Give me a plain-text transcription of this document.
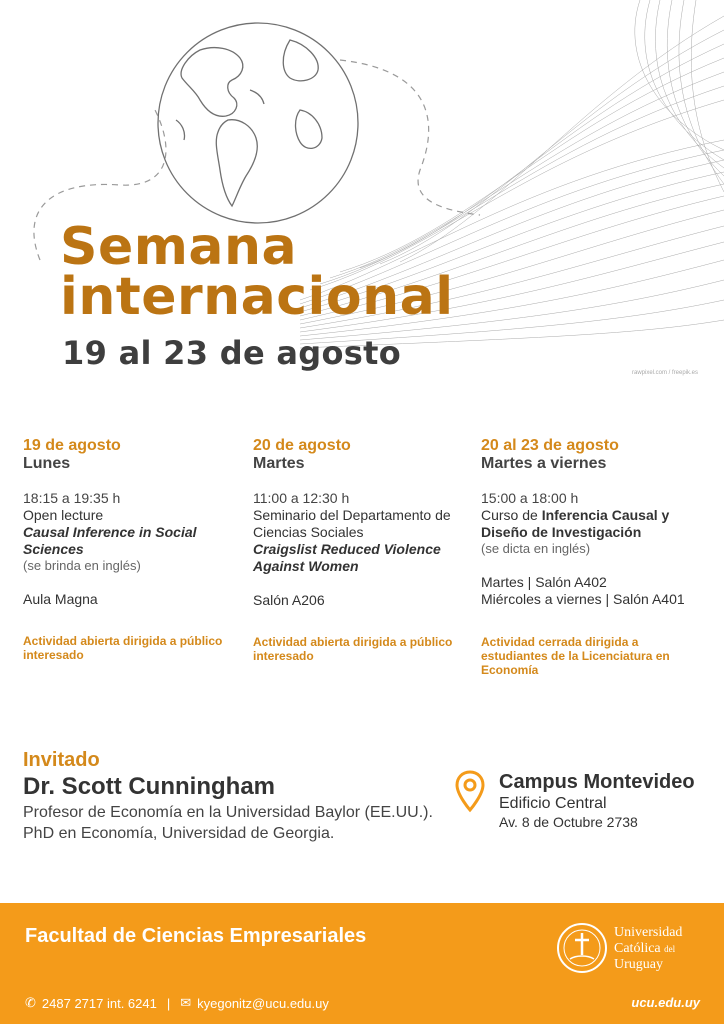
rawpixel.com / freepik.es
Semana
internacional
19 al 23 de agosto
19 de agosto
Lunes
18:15 a 19:35 h
Open lecture
Causal Inference in Social Sciences
(se brinda en inglés)
Aula Magna
Actividad abierta dirigida a público interesado
20 de agosto
Martes
11:00 a 12:30 h
Seminario del Departamento de Ciencias Sociales
Craigslist Reduced Violence Against Women
Salón A206
Actividad abierta dirigida a público interesado
20 al 23 de agosto
Martes a viernes
15:00 a 18:00 h
Curso de Inferencia Causal y Diseño de Investigación
(se dicta en inglés)
Martes | Salón A402
Miércoles a viernes | Salón A401
Actividad cerrada dirigida a estudiantes de la Licenciatura en Economía
Invitado
Dr. Scott Cunningham
Profesor de Economía en la Universidad Baylor (EE.UU.).
PhD en Economía, Universidad de Georgia.
Campus Montevideo
Edificio Central
Av. 8 de Octubre 2738
Facultad de Ciencias Empresariales
✆ 2487 2717 int. 6241 | ✉ kyegonitz@ucu.edu.uy
Universidad
Católica del
Uruguay
ucu.edu.uy
